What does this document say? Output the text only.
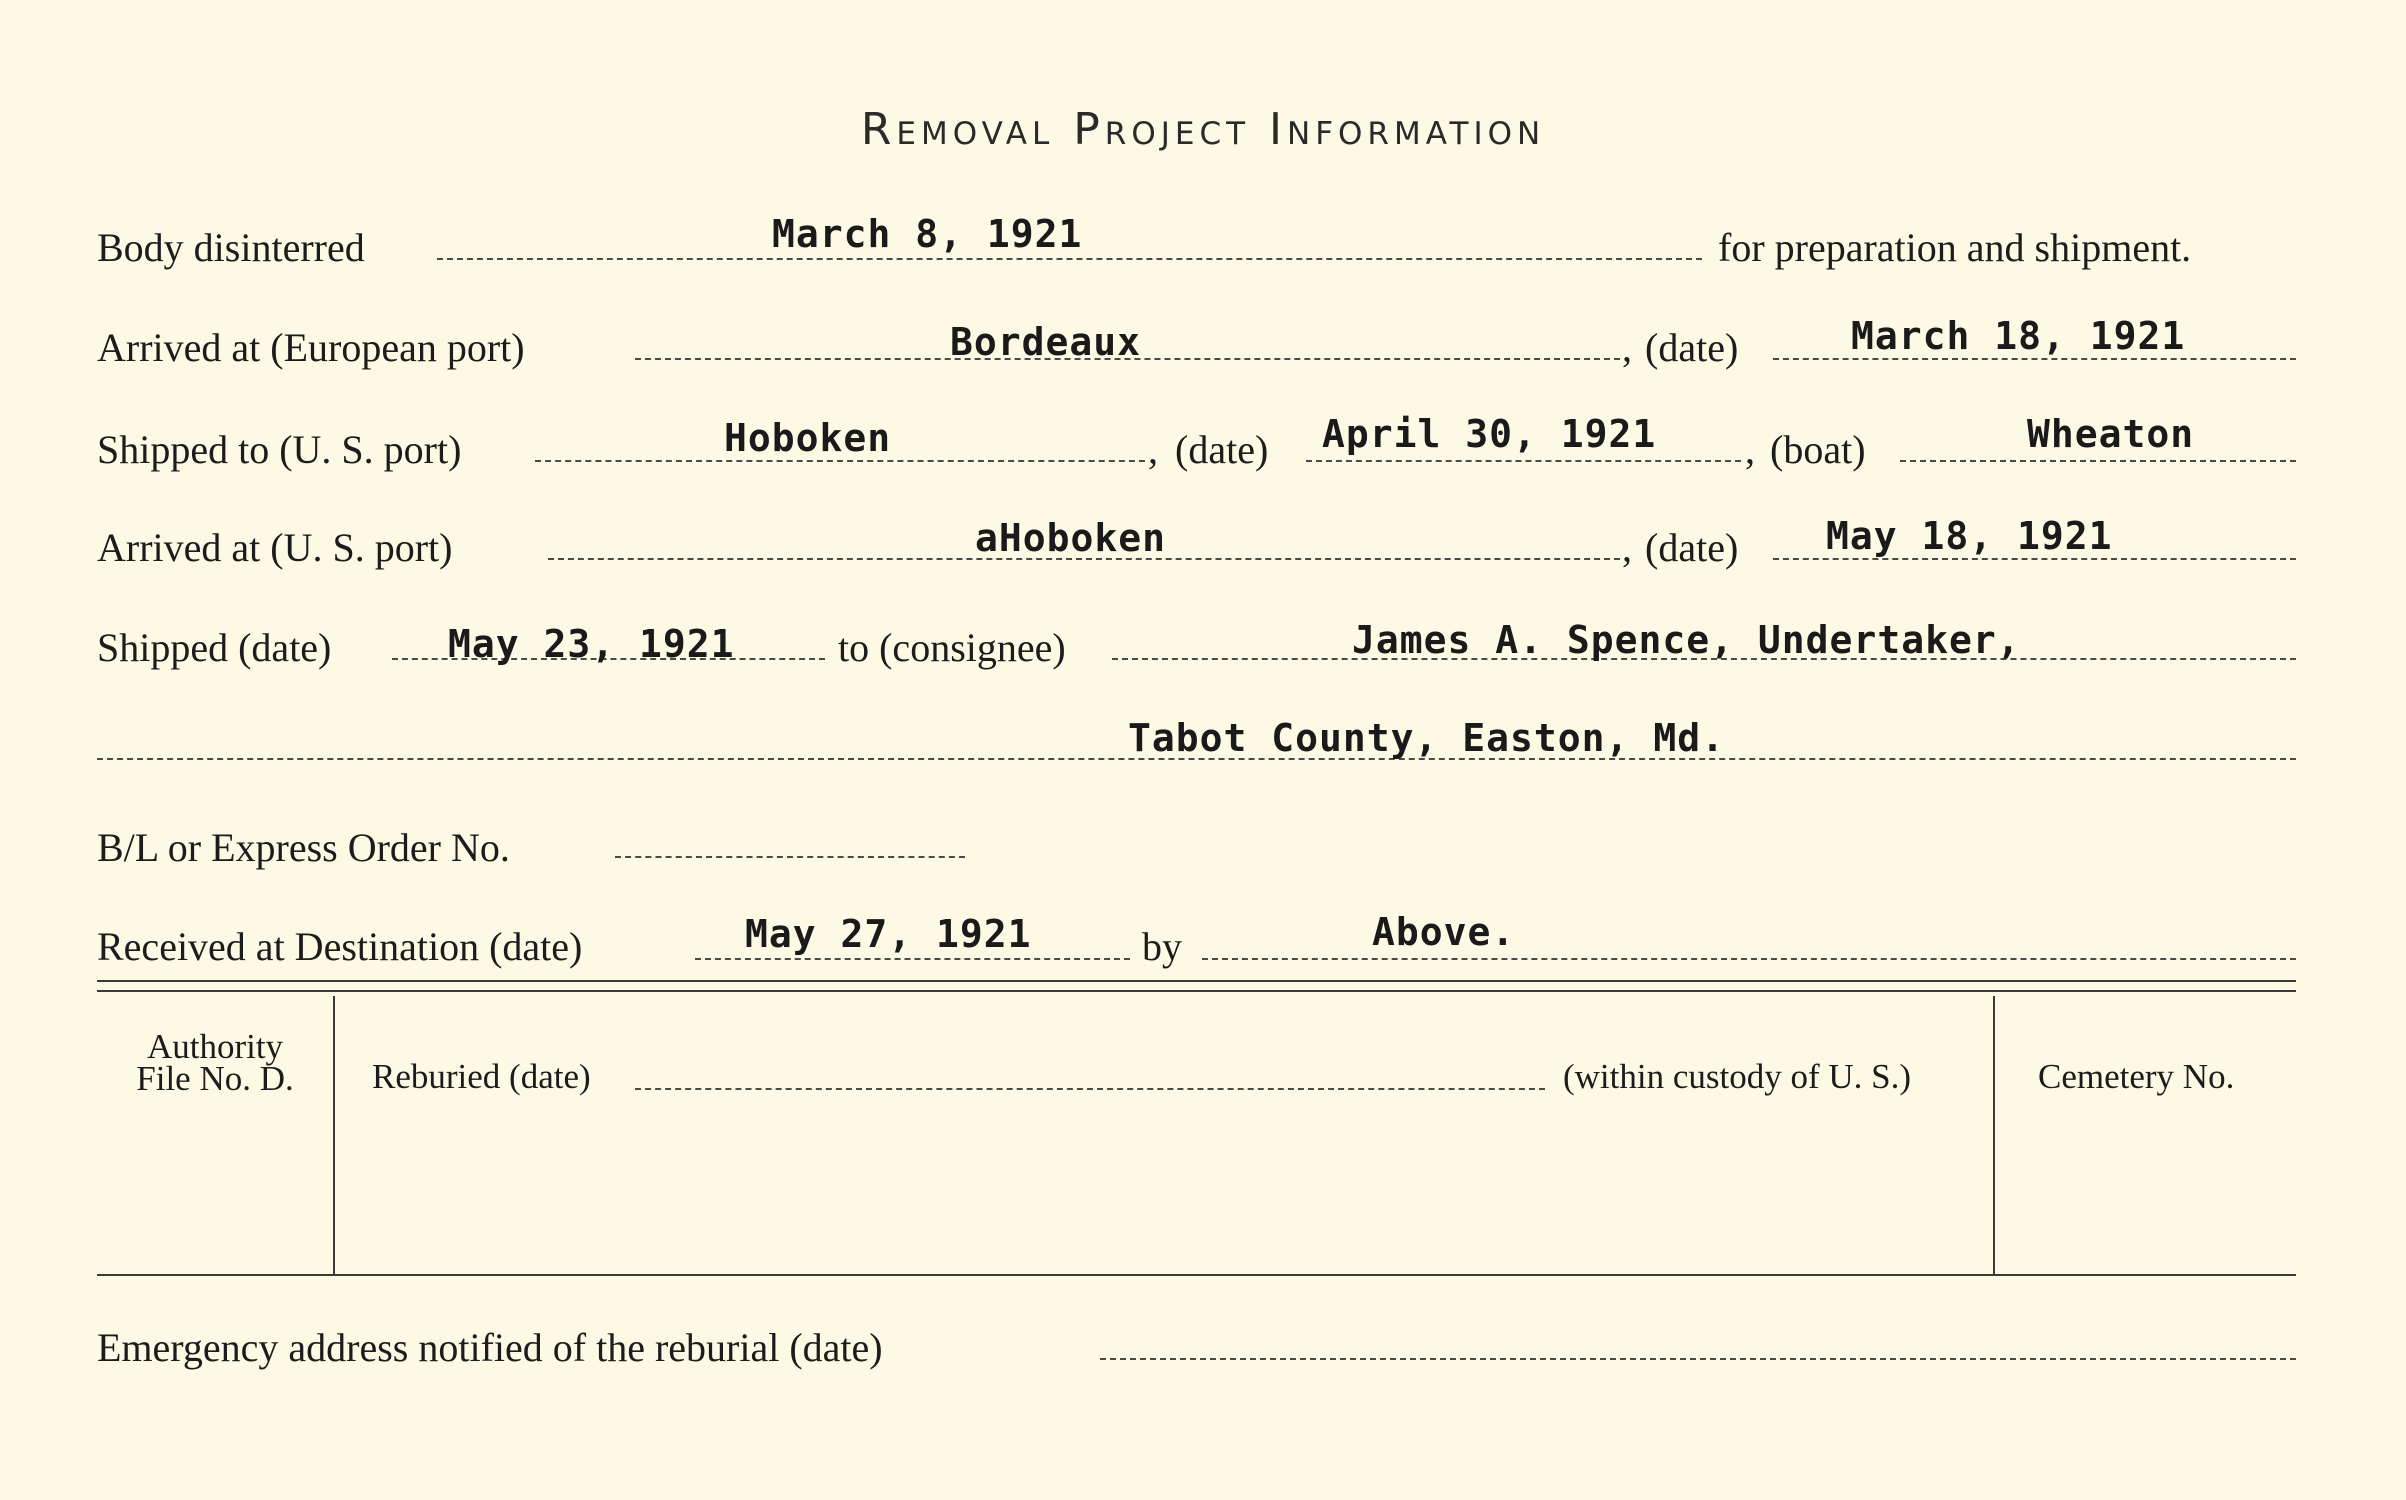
Removal Project Information
Body disinterred	March 8, 1921	for preparation and shipment.
Arrived at (European port)	Bordeaux	, (date)	March 18, 1921
Shipped to (U. S. port)	Hoboken	, (date) April 30, 1921 , (boat)	Wheaton
Arrived at (U. S. port)	aHoboken	, (date) May 18, 1921
Shipped (date)	May 23, 1921	to (consignee)	James A. Spence, Undertaker,
Tabot County, Easton, Md.
B/L or Express Order No.
Received at Destination (date)	May 27, 1921	by	Above.
Authority
File No. D.	Reburied (date)	(within custody of U. S.)	Cemetery No.
Emergency address notified of the reburial (date)
